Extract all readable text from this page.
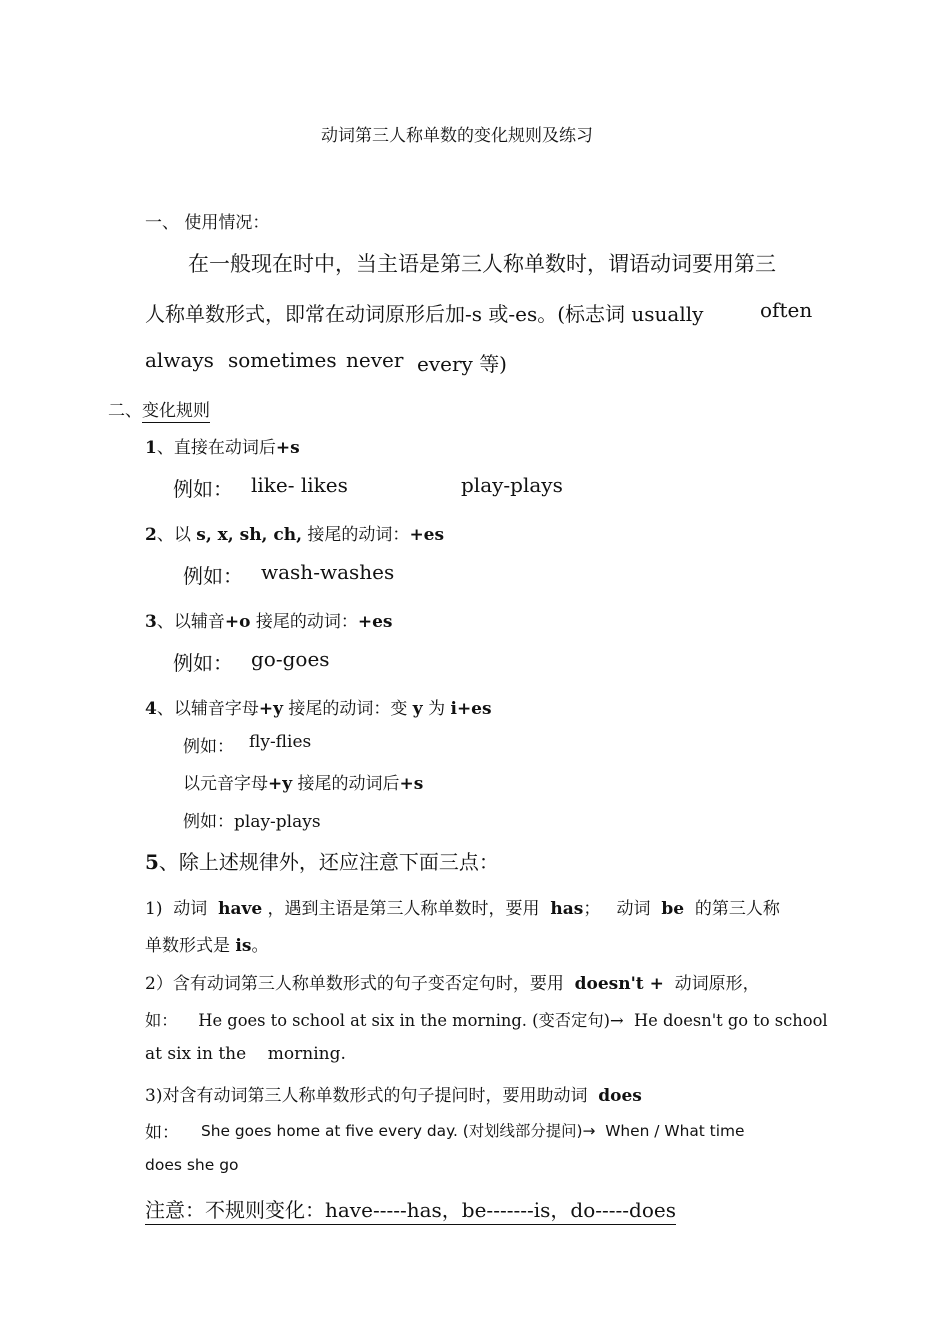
动词第三人称单数的变化规则及练习
一、 使用情况：
在一般现在时中，当主语是第三人称单数时，谓语动词要用第三
人称单数形式，即常在动词原形后加-s 或-es。(标志词 usually	often
always sometimes never every 等)
二、变化规则
1、直接在动词后+s
例如： like- likes	play-plays
2、以 s, x, sh, ch, 接尾的动词：+es
例如： wash-washes
3、以辅音+o 接尾的动词：+es
例如： go-goes
4、以辅音字母+y 接尾的动词：变 y 为 i+es
例如： fly-flies
以元音字母+y 接尾的动词后+s
例如：play-plays
5、除上述规律外，还应注意下面三点：
1)  动词  have ，遇到主语是第三人称单数时，要用  has；   动词  be  的第三人称
单数形式是 is。
2）含有动词第三人称单数形式的句子变否定句时，要用  doesn't +  动词原形，
如：    He goes to school at six in the morning. (变否定句)→  He doesn't go to school
at six in the    morning.
3)对含有动词第三人称单数形式的句子提问时，要用助动词  does
如： She goes home at five every day. (对划线部分提问)→  When / What time
does she go
注意：不规则变化：have-----has，be-------is，do-----does
